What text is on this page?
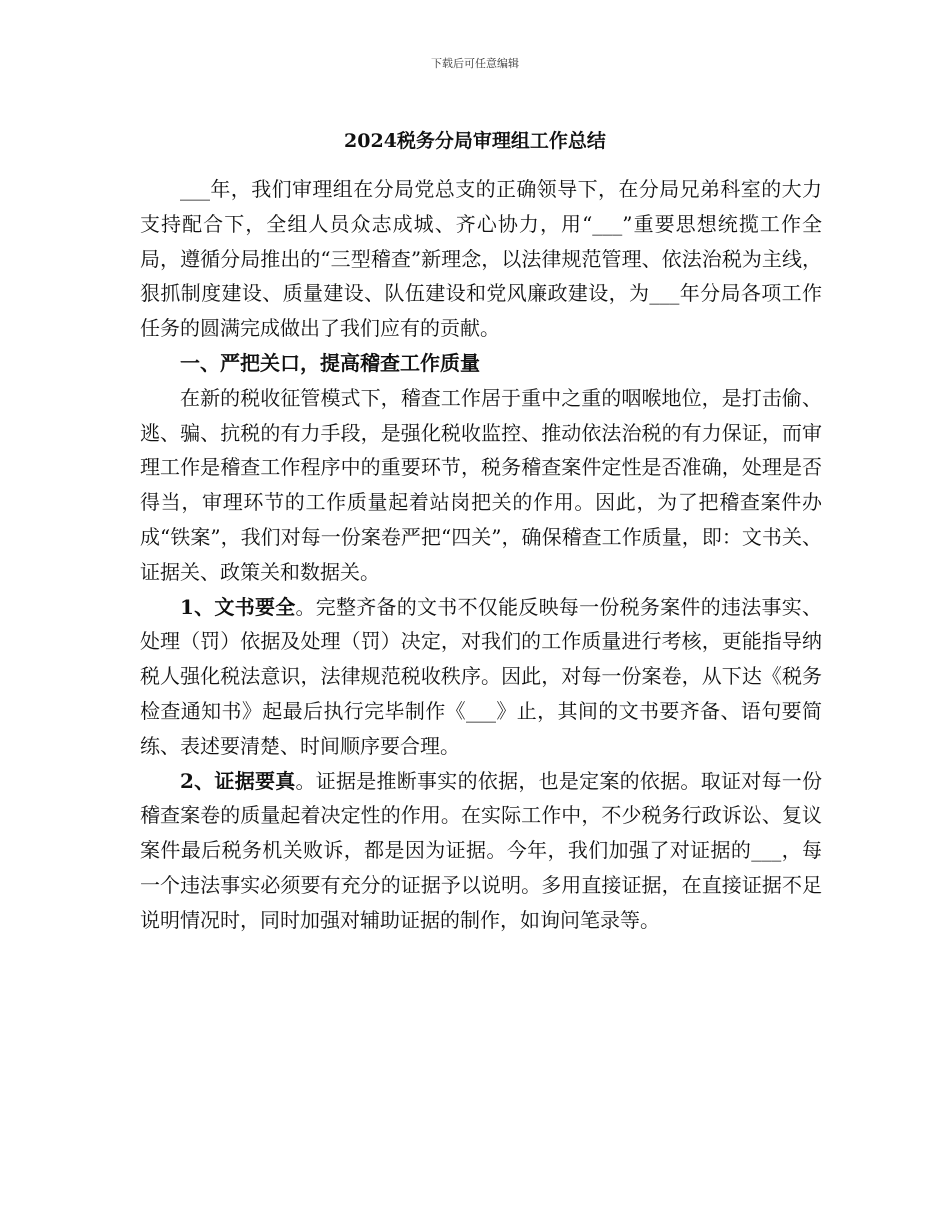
下载后可任意编辑
2024税务分局审理组工作总结

___年，我们审理组在分局党总支的正确领导下，在分局兄弟科室的大力支持配合下，全组人员众志成城、齐心协力，用“___”重要思想统揽工作全局，遵循分局推出的“三型稽查”新理念，以法律规范管理、依法治税为主线，狠抓制度建设、质量建设、队伍建设和党风廉政建设，为___年分局各项工作任务的圆满完成做出了我们应有的贡献。

一、严把关口，提高稽查工作质量

在新的税收征管模式下，稽查工作居于重中之重的咽喉地位，是打击偷、逃、骗、抗税的有力手段，是强化税收监控、推动依法治税的有力保证，而审理工作是稽查工作程序中的重要环节，税务稽查案件定性是否准确，处理是否得当，审理环节的工作质量起着站岗把关的作用。因此，为了把稽查案件办成“铁案”，我们对每一份案卷严把“四关”，确保稽查工作质量，即：文书关、证据关、政策关和数据关。

1、文书要全。完整齐备的文书不仅能反映每一份税务案件的违法事实、处理（罚）依据及处理（罚）决定，对我们的工作质量进行考核，更能指导纳税人强化税法意识，法律规范税收秩序。因此，对每一份案卷，从下达《税务检查通知书》起最后执行完毕制作《___》止，其间的文书要齐备、语句要简练、表述要清楚、时间顺序要合理。

2、证据要真。证据是推断事实的依据，也是定案的依据。取证对每一份稽查案卷的质量起着决定性的作用。在实际工作中，不少税务行政诉讼、复议案件最后税务机关败诉，都是因为证据。今年，我们加强了对证据的___，每一个违法事实必须要有充分的证据予以说明。多用直接证据，在直接证据不足说明情况时，同时加强对辅助证据的制作，如询问笔录等。
